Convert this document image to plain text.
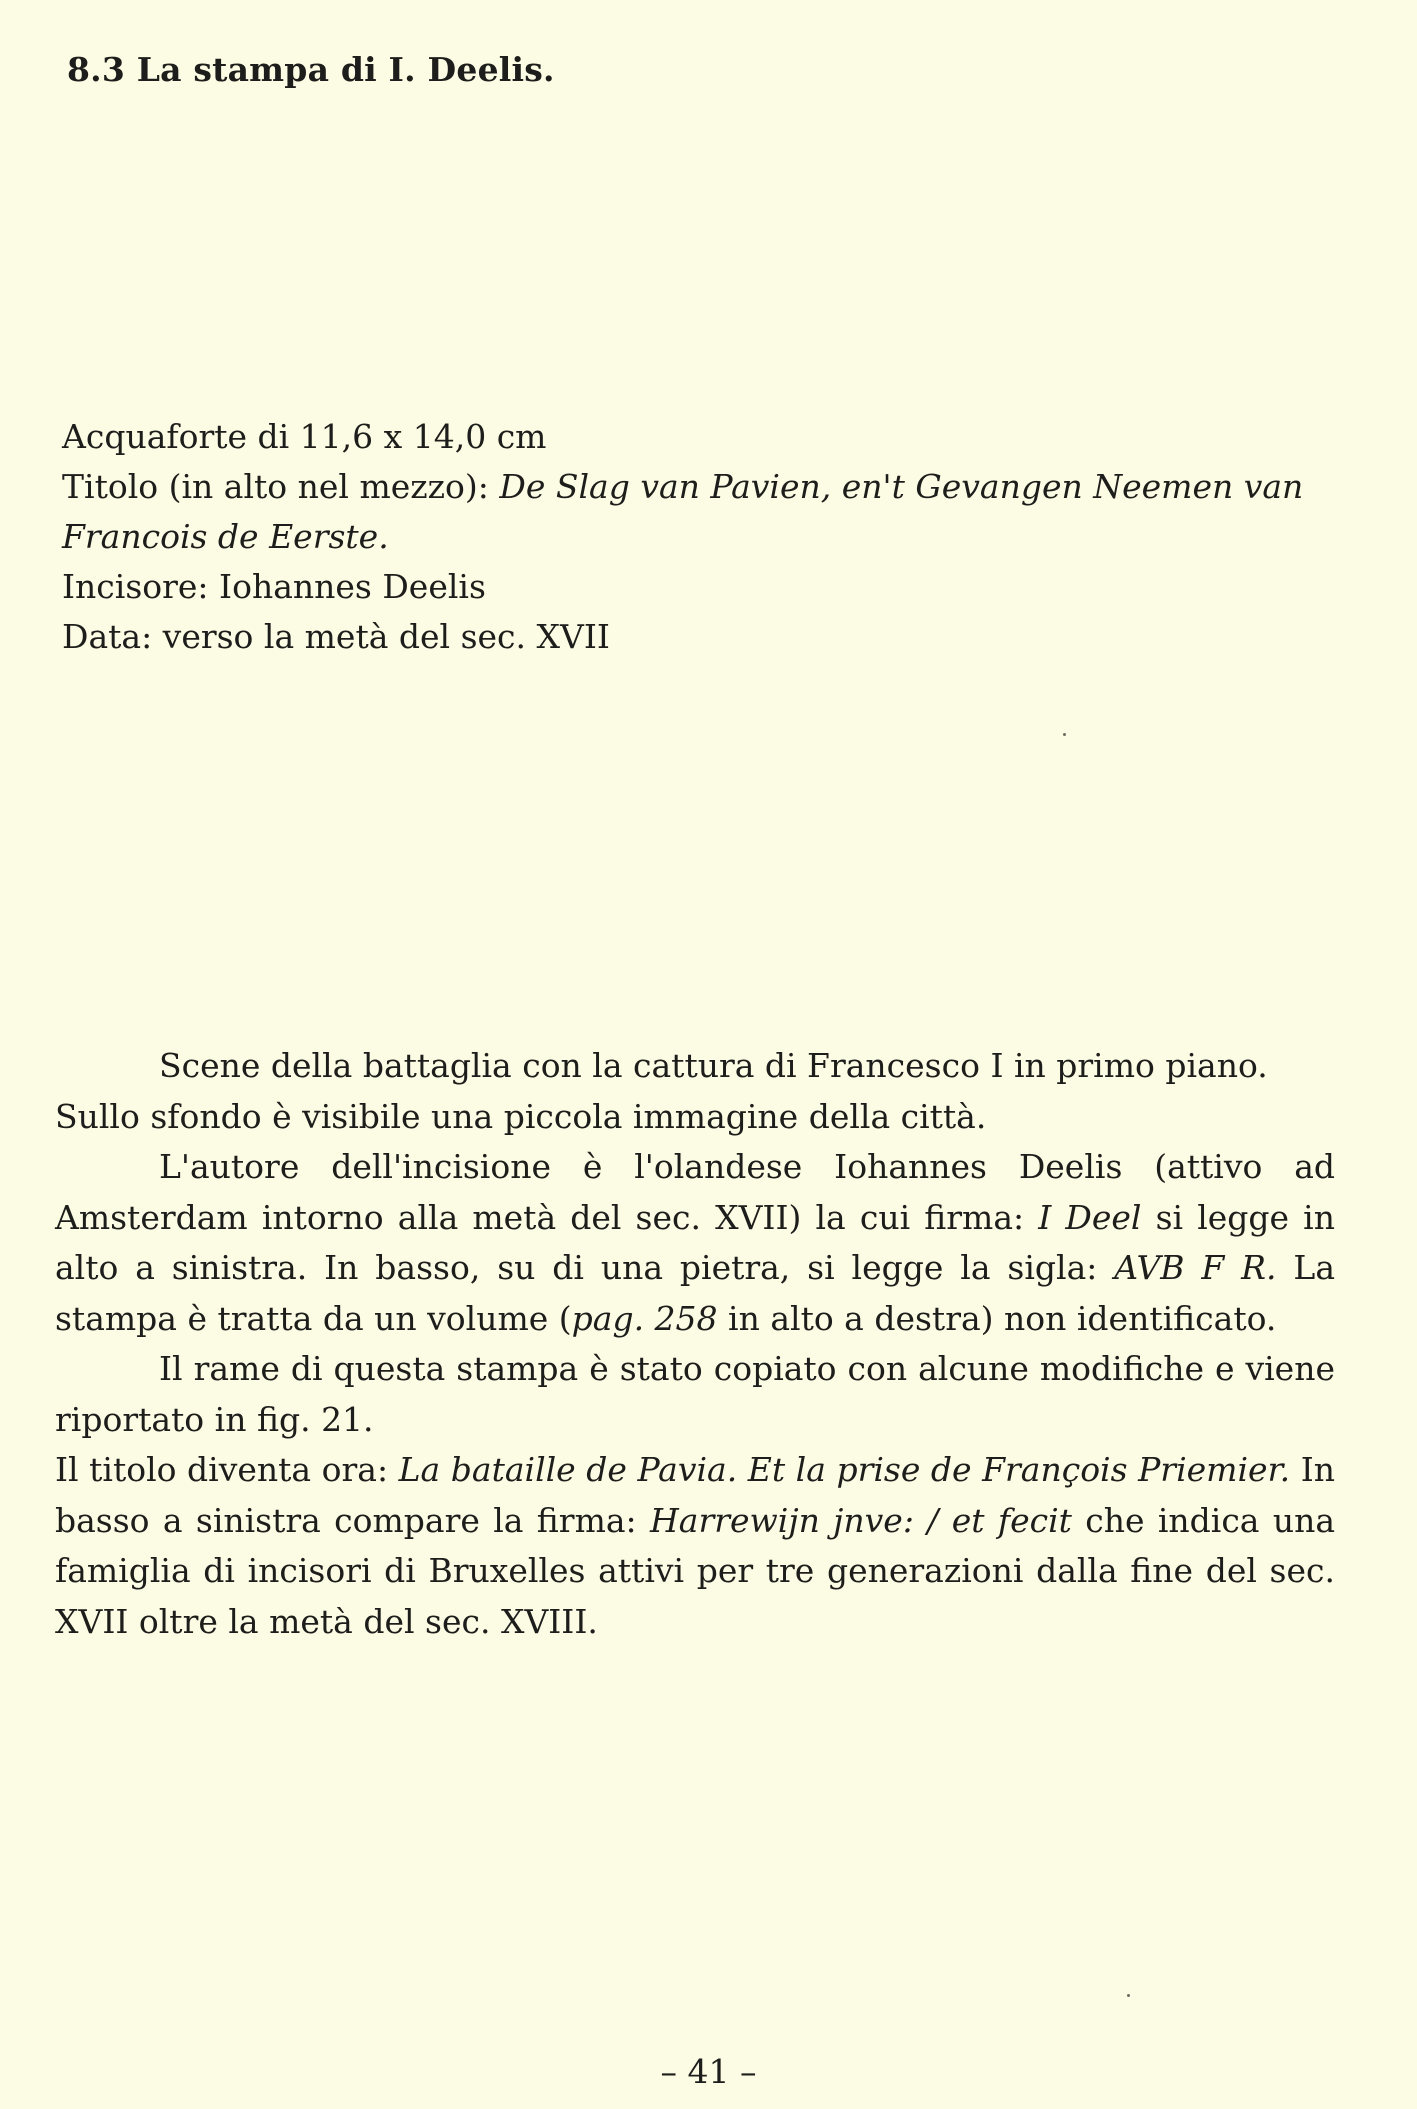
8.3 La stampa di I. Deelis.
Acquaforte di 11,6 x 14,0 cm
Titolo (in alto nel mezzo): De Slag van Pavien, en't Gevangen Neemen van Francois de Eerste.
Incisore: Iohannes Deelis
Data: verso la metà del sec. XVII

Scene della battaglia con la cattura di Francesco I in primo piano.

Sullo sfondo è visibile una piccola immagine della città.

L'autore dell'incisione è l'olandese Iohannes Deelis (attivo ad Amsterdam intorno alla metà del sec. XVII) la cui firma: I Deel si legge in alto a sinistra. In basso, su di una pietra, si legge la sigla: AVB F R. La stampa è tratta da un volume (pag. 258 in alto a destra) non identificato.

Il rame di questa stampa è stato copiato con alcune modifiche e viene riportato in fig. 21.

Il titolo diventa ora: La bataille de Pavia. Et la prise de François Priemier. In basso a sinistra compare la firma: Harrewijn jnve: / et fecit che indica una famiglia di incisori di Bruxelles attivi per tre generazioni dalla fine del sec. XVII oltre la metà del sec. XVIII.

– 41 –
